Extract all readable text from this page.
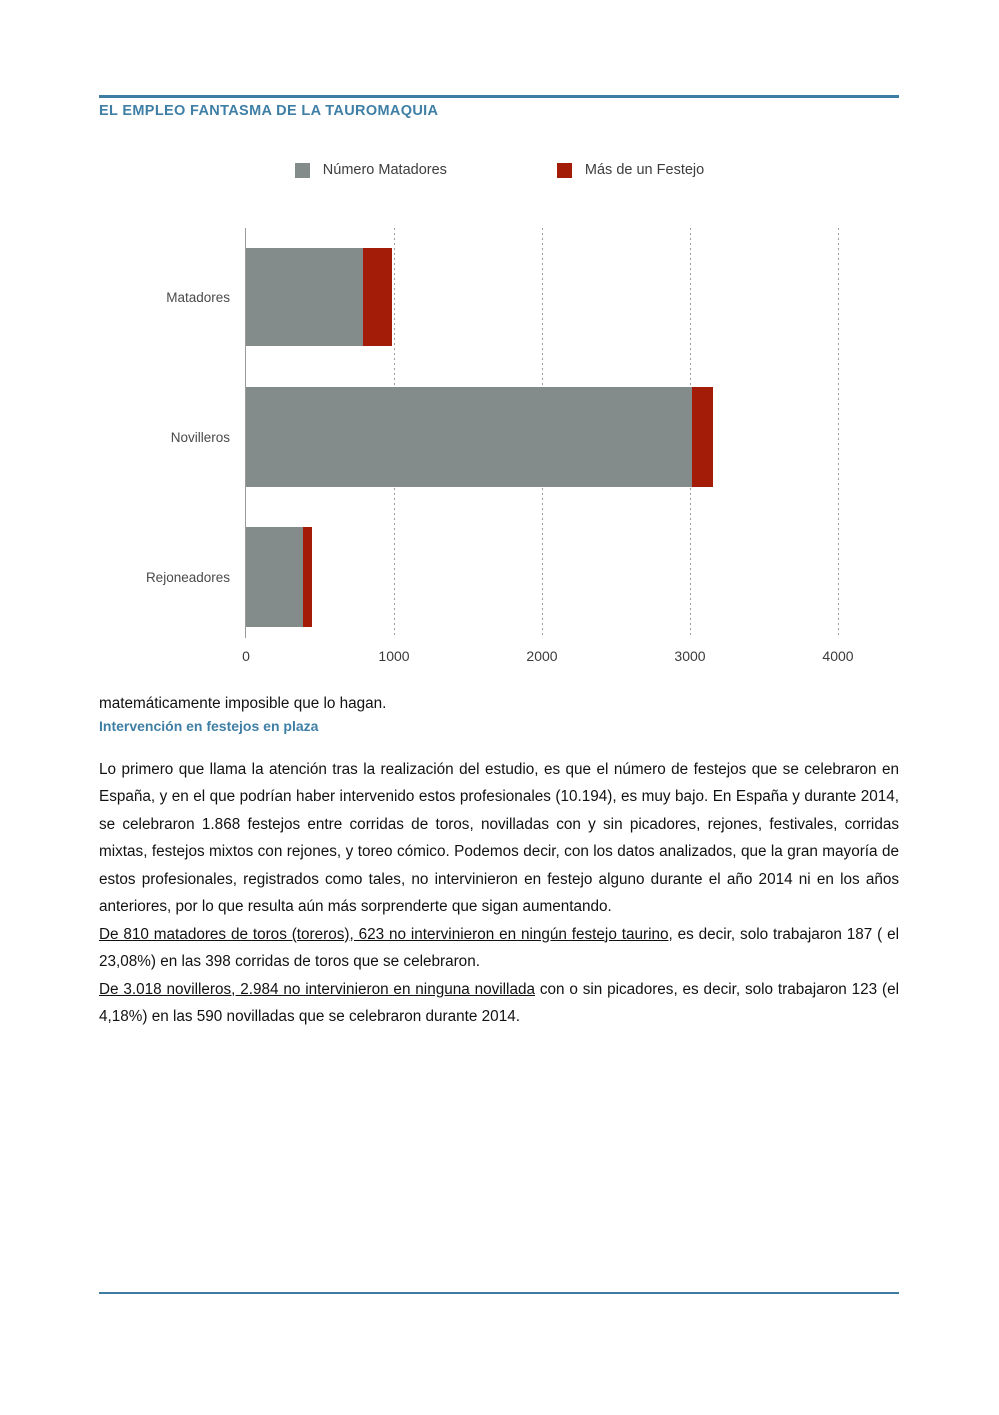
EL EMPLEO FANTASMA DE LA TAUROMAQUIA
Número Matadores	Más de un Festejo
Matadores
Novilleros
Rejoneadores
0	1000	2000	3000	4000

matemáticamente imposible que lo hagan.

Intervención en festejos en plaza

Lo primero que llama la atención tras la realización del estudio, es que el número de festejos que se celebraron en España, y en el que podrían haber intervenido estos profesionales (10.194), es muy bajo. En España y durante 2014, se celebraron 1.868 festejos entre corridas de toros, novilladas con y sin picadores, rejones, festivales, corridas mixtas, festejos mixtos con rejones, y toreo cómico. Podemos decir, con los datos analizados, que la gran mayoría de estos profesionales, registrados como tales, no intervinieron en festejo alguno durante el año 2014 ni en los años anteriores, por lo que resulta aún más sorprenderte que sigan aumentando.

De 810 matadores de toros (toreros), 623 no intervinieron en ningún festejo taurino, es decir, solo trabajaron 187 ( el 23,08%) en las 398 corridas de toros que se celebraron.

De 3.018 novilleros, 2.984 no intervinieron en ninguna novillada con o sin picadores, es decir, solo trabajaron 123 (el 4,18%) en las 590 novilladas que se celebraron durante 2014.
